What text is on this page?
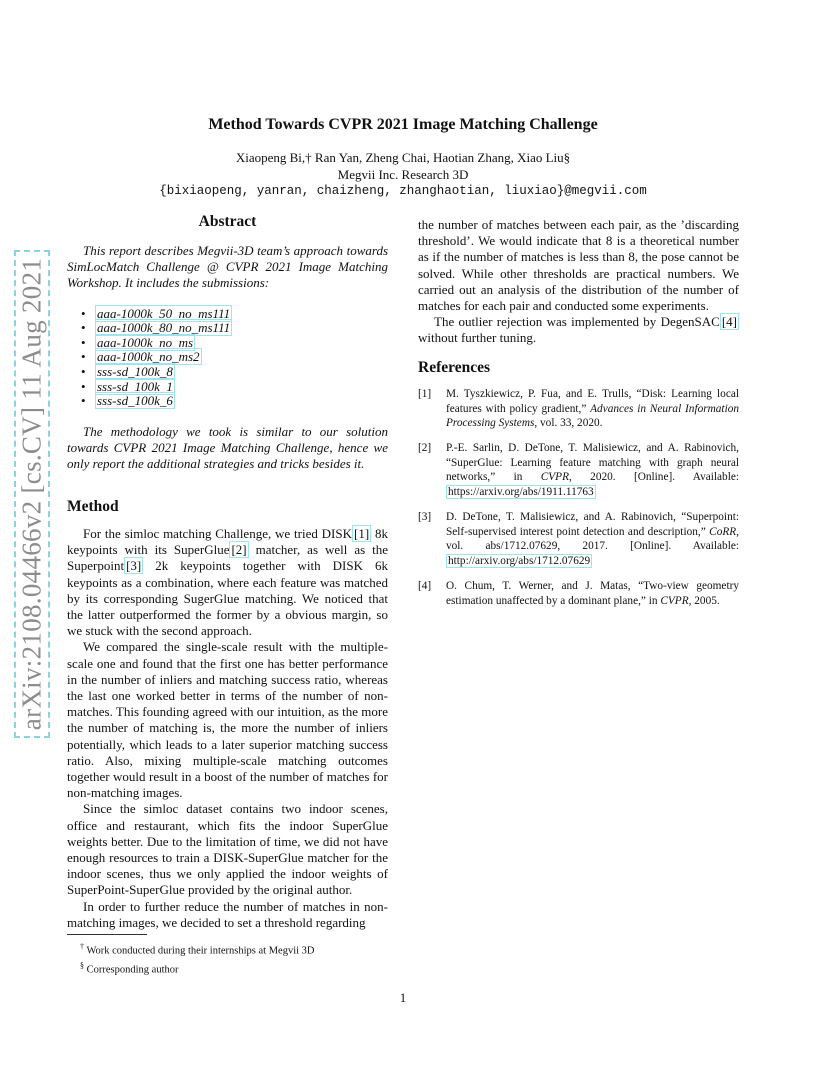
arXiv:2108.04466v2 [cs.CV] 11 Aug 2021
Method Towards CVPR 2021 Image Matching Challenge
Xiaopeng Bi,† Ran Yan, Zheng Chai, Haotian Zhang, Xiao Liu§
Megvii Inc. Research 3D
{bixiaopeng, yanran, chaizheng, zhanghaotian, liuxiao}@megvii.com
Abstract

This report describes Megvii-3D team’s approach towards SimLocMatch Challenge @ CVPR 2021 Image Matching Workshop. It includes the submissions:

• aaa-1000k_50_no_ms111
• aaa-1000k_80_no_ms111
• aaa-1000k_no_ms
• aaa-1000k_no_ms2
• sss-sd_100k_8
• sss-sd_100k_1
• sss-sd_100k_6

The methodology we took is similar to our solution towards CVPR 2021 Image Matching Challenge, hence we only report the additional strategies and tricks besides it.

Method

For the simloc matching Challenge, we tried DISK [1] 8k keypoints with its SuperGlue [2] matcher, as well as the Superpoint [3] 2k keypoints together with DISK 6k keypoints as a combination, where each feature was matched by its corresponding SugerGlue matching. We noticed that the latter outperformed the former by a obvious margin, so we stuck with the second approach.

We compared the single-scale result with the multiple-scale one and found that the first one has better performance in the number of inliers and matching success ratio, whereas the last one worked better in terms of the number of non-matches. This founding agreed with our intuition, as the more the number of matching is, the more the number of inliers potentially, which leads to a later superior matching success ratio. Also, mixing multiple-scale matching outcomes together would result in a boost of the number of matches for non-matching images.

Since the simloc dataset contains two indoor scenes, office and restaurant, which fits the indoor SuperGlue weights better. Due to the limitation of time, we did not have enough resources to train a DISK-SuperGlue matcher for the indoor scenes, thus we only applied the indoor weights of SuperPoint-SuperGlue provided by the original author.

In order to further reduce the number of matches in non-matching images, we decided to set a threshold regarding

the number of matches between each pair, as the ’discarding threshold’. We would indicate that 8 is a theoretical number as if the number of matches is less than 8, the pose cannot be solved. While other thresholds are practical numbers. We carried out an analysis of the distribution of the number of matches for each pair and conducted some experiments.

The outlier rejection was implemented by DegenSAC [4] without further tuning.

References
[1] M. Tyszkiewicz, P. Fua, and E. Trulls, “Disk: Learning local features with policy gradient,” Advances in Neural Information Processing Systems, vol. 33, 2020.
[2] P.-E. Sarlin, D. DeTone, T. Malisiewicz, and A. Rabinovich, “SuperGlue: Learning feature matching with graph neural networks,” in CVPR, 2020. [Online]. Available: https://arxiv.org/abs/1911.11763
[3] D. DeTone, T. Malisiewicz, and A. Rabinovich, “Superpoint: Self-supervised interest point detection and description,” CoRR, vol. abs/1712.07629, 2017. [Online]. Available: http://arxiv.org/abs/1712.07629
[4] O. Chum, T. Werner, and J. Matas, “Two-view geometry estimation unaffected by a dominant plane,” in CVPR, 2005.
† Work conducted during their internships at Megvii 3D
§ Corresponding author
1
